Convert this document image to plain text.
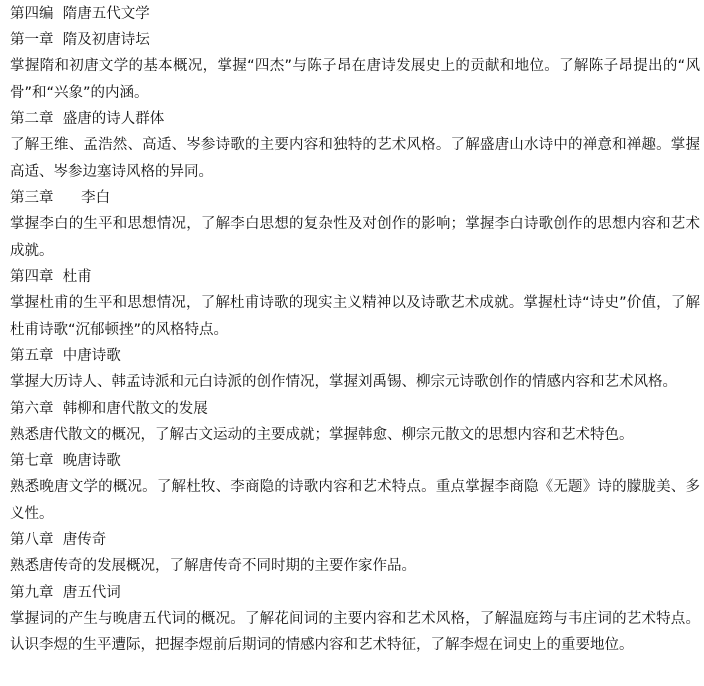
第四编  隋唐五代文学
第一章  隋及初唐诗坛

掌握隋和初唐文学的基本概况，掌握“四杰”与陈子昂在唐诗发展史上的贡献和地位。了解陈子昂提出的“风骨”和“兴象”的内涵。

第二章  盛唐的诗人群体

了解王维、孟浩然、高适、岑参诗歌的主要内容和独特的艺术风格。了解盛唐山水诗中的禅意和禅趣。掌握高适、岑参边塞诗风格的异同。

第三章      李白

掌握李白的生平和思想情况，了解李白思想的复杂性及对创作的影响；掌握李白诗歌创作的思想内容和艺术成就。

第四章  杜甫

掌握杜甫的生平和思想情况，了解杜甫诗歌的现实主义精神以及诗歌艺术成就。掌握杜诗“诗史”价值，了解杜甫诗歌“沉郁顿挫”的风格特点。

第五章  中唐诗歌

掌握大历诗人、韩孟诗派和元白诗派的创作情况，掌握刘禹锡、柳宗元诗歌创作的情感内容和艺术风格。

第六章  韩柳和唐代散文的发展

熟悉唐代散文的概况，了解古文运动的主要成就；掌握韩愈、柳宗元散文的思想内容和艺术特色。

第七章  晚唐诗歌

熟悉晚唐文学的概况。了解杜牧、李商隐的诗歌内容和艺术特点。重点掌握李商隐《无题》诗的朦胧美、多义性。

第八章  唐传奇

熟悉唐传奇的发展概况，了解唐传奇不同时期的主要作家作品。

第九章  唐五代词

掌握词的产生与晚唐五代词的概况。了解花间词的主要内容和艺术风格，了解温庭筠与韦庄词的艺术特点。认识李煜的生平遭际，把握李煜前后期词的情感内容和艺术特征，了解李煜在词史上的重要地位。
